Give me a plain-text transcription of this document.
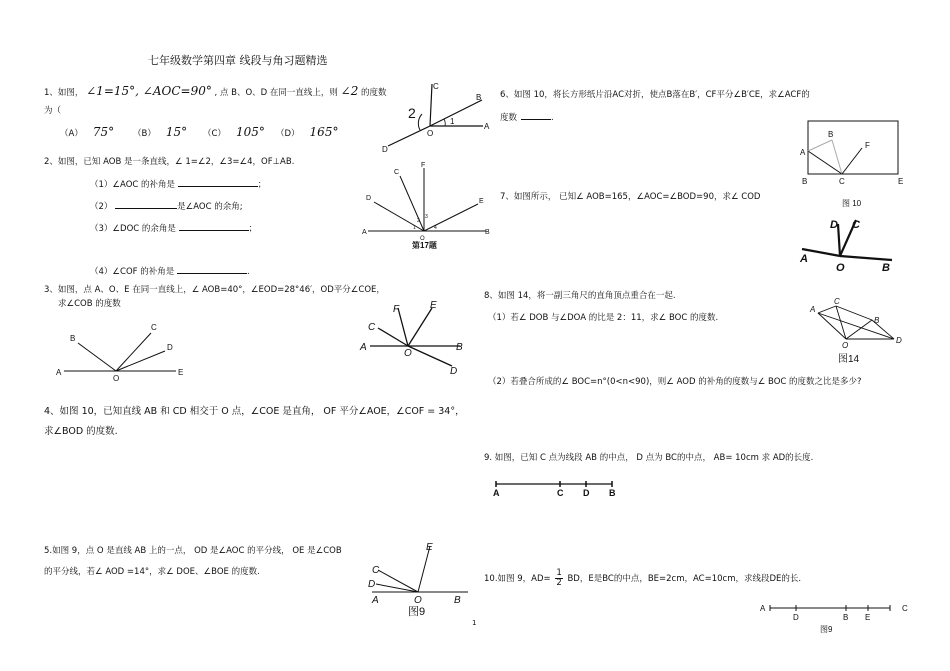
七年级数学第四章 线段与角习题精选
1、如图， ∠1=15°, ∠AOC=90° , 点 B、O、D 在同一直线上，则 ∠2 的度数
为（
（A） 75° （B） 15° （C） 105° （D） 165°
2
C
B
O
1
A
D
2、如图，已知 AOB 是一条直线，∠ 1=∠2，∠3=∠4，OF⊥AB.
（1）∠AOC 的补角是	；
（2）	是∠AOC 的余角;
（3）∠DOC 的余角是	；
（4）∠COF 的补角是	.
F
C
D	E
A
O
B
1
2
3
4
第17题
3、如图，点 A、O、E 在同一直线上，∠ AOB=40°，∠EOD=28°46′，OD平分∠COE，
求∠COB 的度数
B
C
D
A
O
E
F	E
C
A
O
B
D
4、如图 10，已知直线 AB 和 CD 相交于 O 点，∠COE 是直角， OF 平分∠AOE，∠COF = 34°，
求∠BOD 的度数.
5.如图 9，点 O 是直线 AB 上的一点， OD 是∠AOC 的平分线， OE 是∠COB
的平分线，若∠ AOD =14°，求∠ DOE、∠BOE 的度数.
E
C
D
A	O	B
图9
6、如图 10，将长方形纸片沿AC对折，使点B落在B′，CF平分∠B′CE，求∠ACF的
度数	.
B
A
F
B	C	E
图 10
7、如图所示， 已知∠ AOB=165，∠AOC=∠BOD=90，求∠ COD
D C
A
O	B
8、如图 14，将一副三角尺的直角顶点重合在一起.
（1）若∠ DOB 与∠DOA 的比是 2：11，求∠ BOC 的度数.
（2）若叠合所成的∠ BOC=n°(0<n<90)，则∠ AOD 的补角的度数与∠ BOC 的度数之比是多少?
C
A
B
O
D
图14
9. 如图，已知 C 点为线段 AB 的中点， D 点为 BC的中点， AB= 10cm 求 AD的长度.
A	C D B
10.如图 9，$AD= \frac{1}{2}$ BD，E是BC的中点，BE=2cm，AC=10cm，求线段DE的长.
A
D	B E
C
图9
1
